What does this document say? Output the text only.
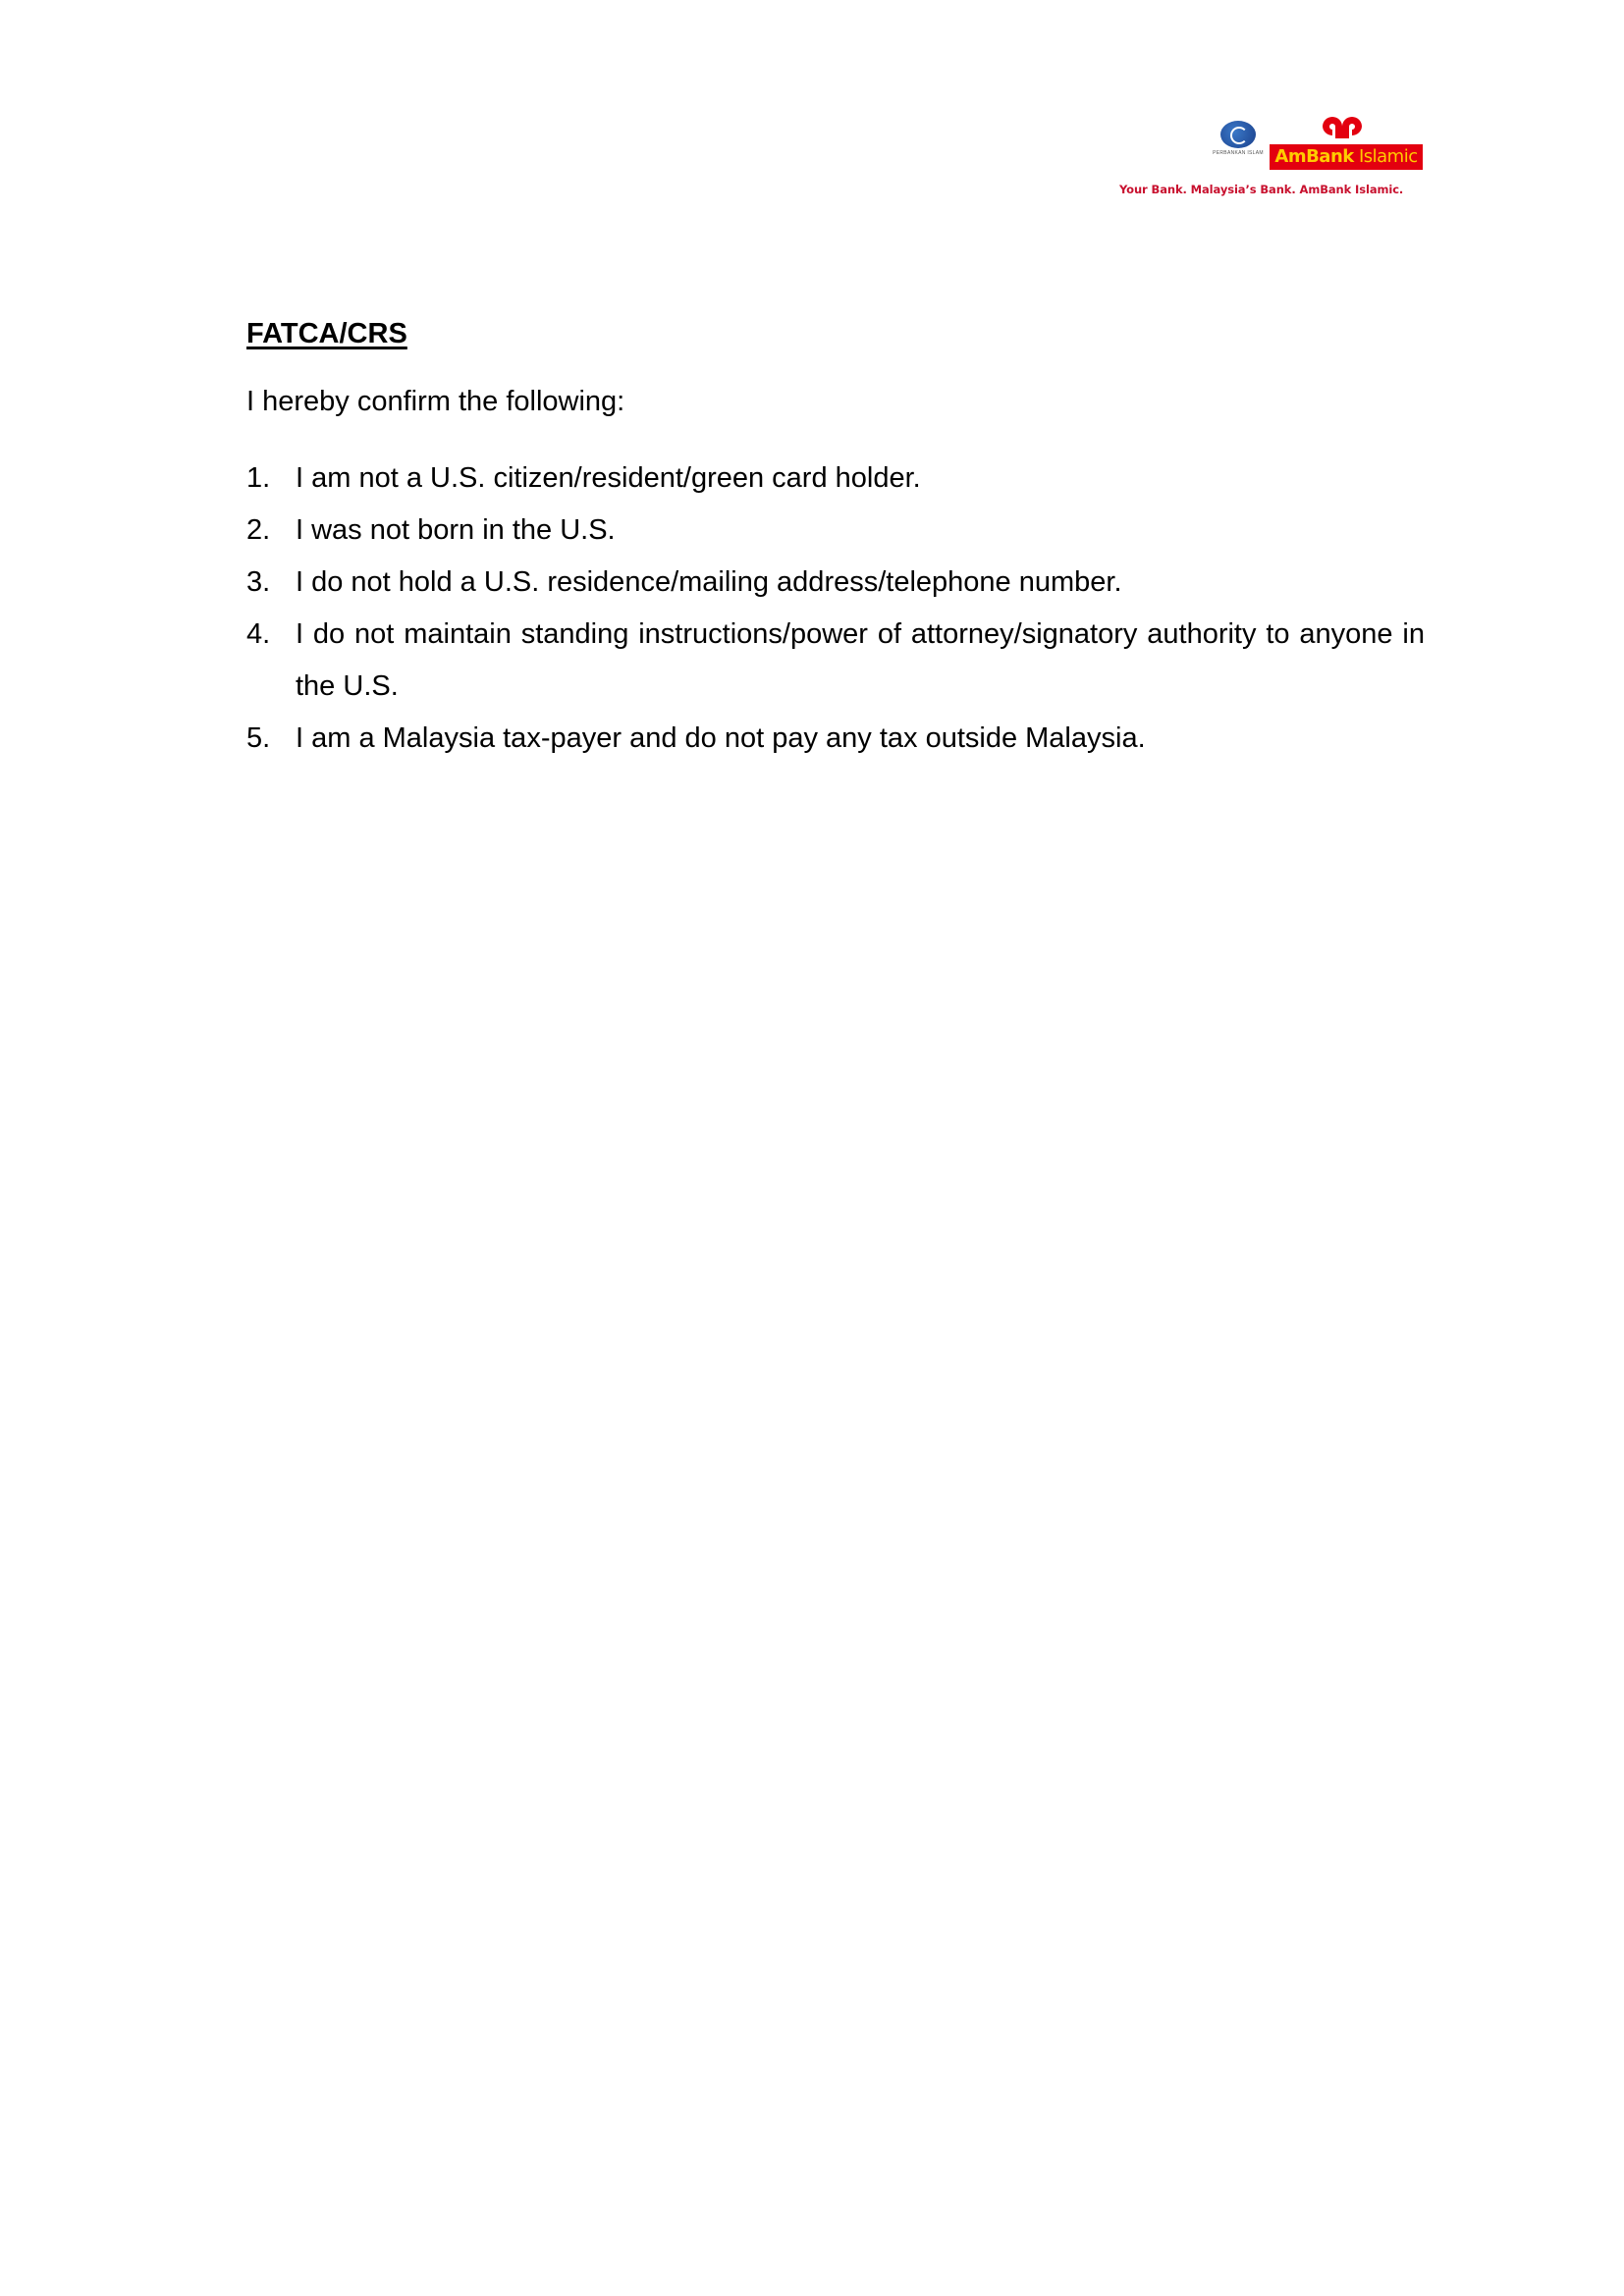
PERBANKAN ISLAM AmBank Islamic
Your Bank. Malaysia’s Bank. AmBank Islamic.
FATCA/CRS

I hereby confirm the following:

1. I am not a U.S. citizen/resident/green card holder.
2. I was not born in the U.S.
3. I do not hold a U.S. residence/mailing address/telephone number.
4. I do not maintain standing instructions/power of attorney/signatory authority to anyone in the U.S.
5. I am a Malaysia tax-payer and do not pay any tax outside Malaysia.
